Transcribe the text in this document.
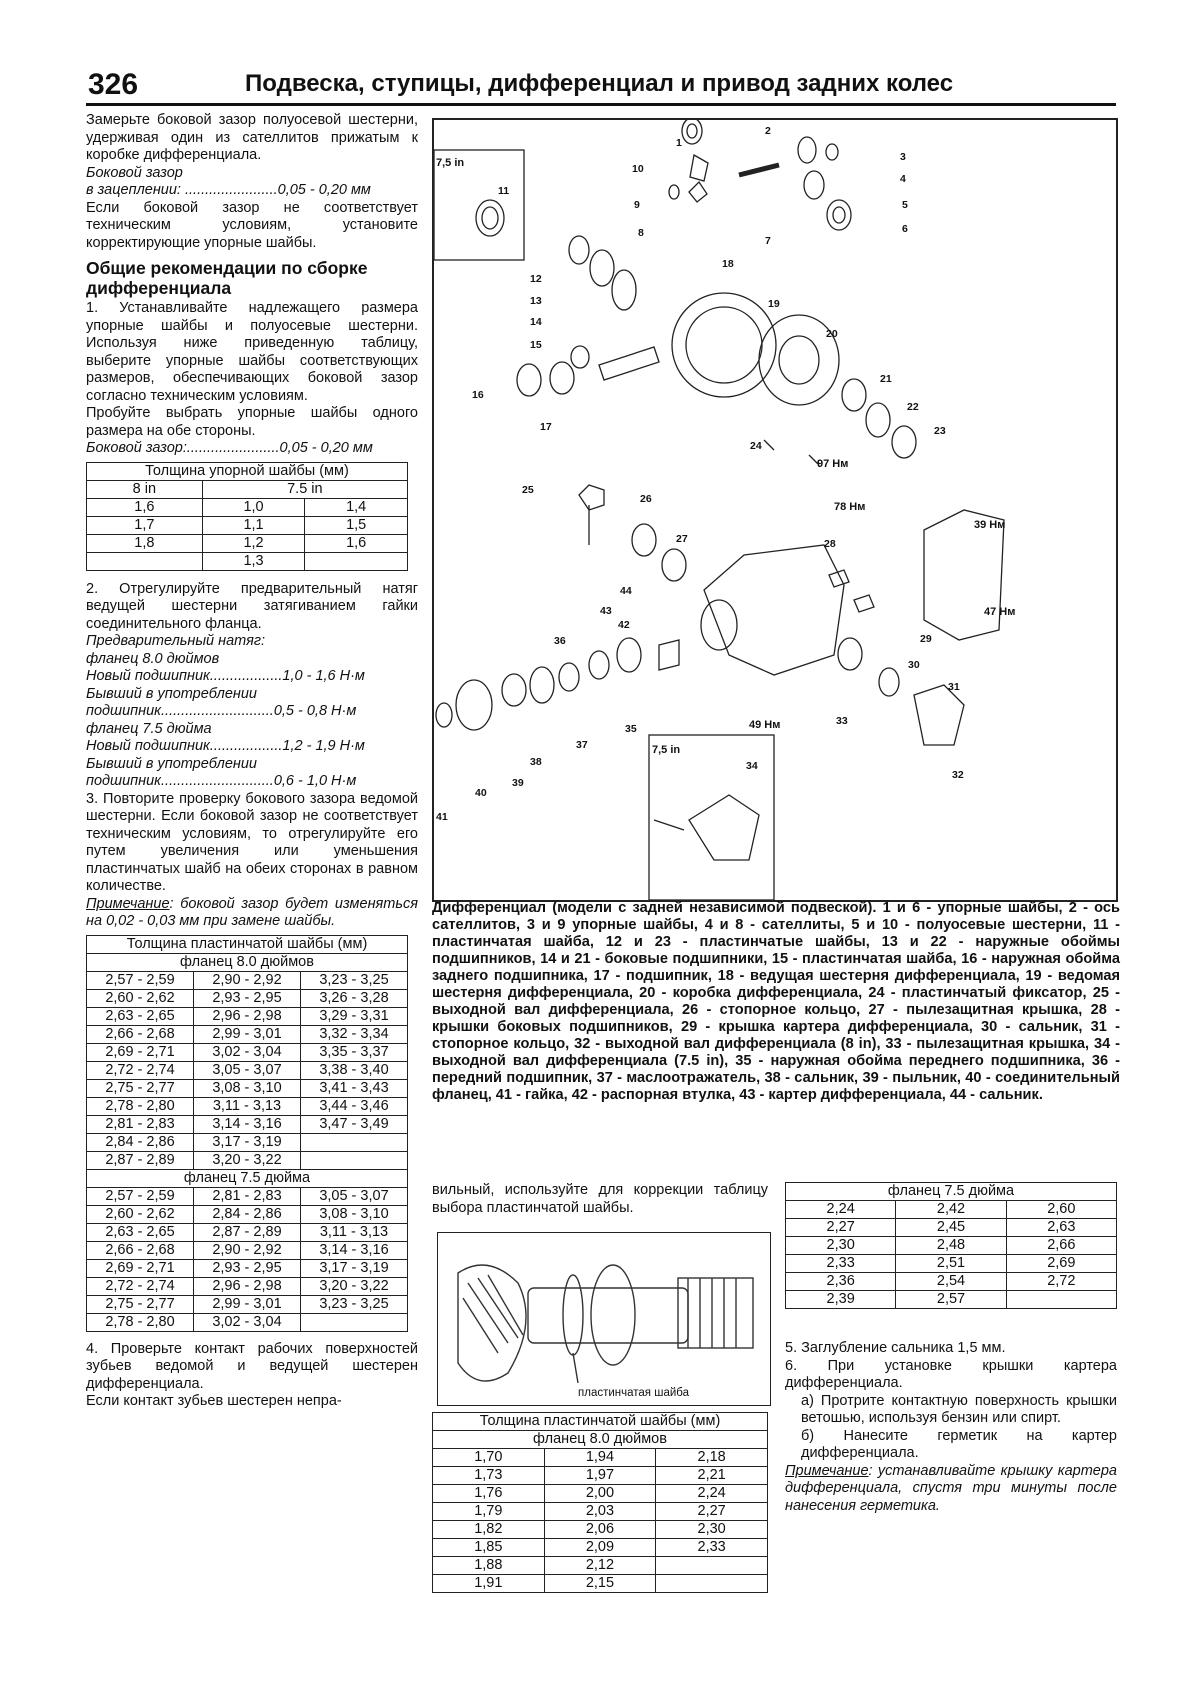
326	Подвеска, ступицы, дифференциал и привод задних колес

Замерьте боковой зазор полуосевой шестерни, удерживая один из сателлитов прижатым к коробке дифференциала.

Боковой зазор

в зацеплении: .......................0,05 - 0,20 мм

Если боковой зазор не соответствует техническим условиям, установите корректирующие упорные шайбы.

Общие рекомендации по сборке дифференциала

1. Устанавливайте надлежащего размера упорные шайбы и полуосевые шестерни. Используя ниже приведенную таблицу, выберите упорные шайбы соответствующих размеров, обеспечивающих боковой зазор согласно техническим условиям.

Пробуйте выбрать упорные шайбы одного размера на обе стороны.

Боковой зазор:.......................0,05 - 0,20 мм

Толщина упорной шайбы (мм)		
8 in	7.5 in	
1,6	1,0	1,4
1,7	1,1	1,5
1,8	1,2	1,6
	1,3	

2. Отрегулируйте предварительный натяг ведущей шестерни затягиванием гайки соединительного фланца.

Предварительный натяг:

фланец 8.0 дюймов

Новый подшипник..................1,0 - 1,6 Н·м

Бывший в употреблении

подшипник............................0,5 - 0,8 Н·м

фланец 7.5 дюйма

Новый подшипник..................1,2 - 1,9 Н·м

Бывший в употреблении

подшипник............................0,6 - 1,0 Н·м

3. Повторите проверку бокового зазора ведомой шестерни. Если боковой зазор не соответствует техническим условиям, то отрегулируйте его путем увеличения или уменьшения пластинчатых шайб на обеих сторонах в равном количестве.

Примечание: боковой зазор будет изменяться на 0,02 - 0,03 мм при замене шайбы.

Толщина пластинчатой шайбы (мм)		
фланец 8.0 дюймов		
2,57 - 2,59	2,90 - 2,92	3,23 - 3,25
2,60 - 2,62	2,93 - 2,95	3,26 - 3,28
2,63 - 2,65	2,96 - 2,98	3,29 - 3,31
2,66 - 2,68	2,99 - 3,01	3,32 - 3,34
2,69 - 2,71	3,02 - 3,04	3,35 - 3,37
2,72 - 2,74	3,05 - 3,07	3,38 - 3,40
2,75 - 2,77	3,08 - 3,10	3,41 - 3,43
2,78 - 2,80	3,11 - 3,13	3,44 - 3,46
2,81 - 2,83	3,14 - 3,16	3,47 - 3,49
2,84 - 2,86	3,17 - 3,19	
2,87 - 2,89	3,20 - 3,22	
фланец 7.5 дюйма		
2,57 - 2,59	2,81 - 2,83	3,05 - 3,07
2,60 - 2,62	2,84 - 2,86	3,08 - 3,10
2,63 - 2,65	2,87 - 2,89	3,11 - 3,13
2,66 - 2,68	2,90 - 2,92	3,14 - 3,16
2,69 - 2,71	2,93 - 2,95	3,17 - 3,19
2,72 - 2,74	2,96 - 2,98	3,20 - 3,22
2,75 - 2,77	2,99 - 3,01	3,23 - 3,25
2,78 - 2,80	3,02 - 3,04	

4. Проверьте контакт рабочих поверхностей зубьев ведомой и ведущей шестерен дифференциала.

Если контакт зубьев шестерен непра-

7,5 in
7,5 in
97 Нм
78 Нм
39 Нм
47 Нм
49 Нм
1
2
3
4
5
6
7
8
9
10
11
12
13
14
15
16
17
18
19
20
21
22
23
24
25
26
27	28
29
30
31
32
33
34
35
36
37
38
39
40
41
42
43
44
Дифференциал (модели с задней независимой подвеской). 1 и 6 - упорные шайбы, 2 - ось сателлитов, 3 и 9 упорные шайбы, 4 и 8 - сателлиты, 5 и 10 - полуосевые шестерни, 11 - пластинчатая шайба, 12 и 23 - пластинчатые шайбы, 13 и 22 - наружные обоймы подшипников, 14 и 21 - боковые подшипники, 15 - пластинчатая шайба, 16 - наружная обойма заднего подшипника, 17 - подшипник, 18 - ведущая шестерня дифференциала, 19 - ведомая шестерня дифференциала, 20 - коробка дифференциала, 24 - пластинчатый фиксатор, 25 - выходной вал дифференциала, 26 - стопорное кольцо, 27 - пылезащитная крышка, 28 - крышки боковых подшипников, 29 - крышка картера дифференциала, 30 - сальник, 31 - стопорное кольцо, 32 - выходной вал дифференциала (8 in), 33 - пылезащитная крышка, 34 - выходной вал дифференциала (7.5 in), 35 - наружная обойма переднего подшипника, 36 - передний подшипник, 37 - маслоотражатель, 38 - сальник, 39 - пыльник, 40 - соединительный фланец, 41 - гайка, 42 - распорная втулка, 43 - картер дифференциала, 44 - сальник.

вильный, используйте для коррекции таблицу выбора пластинчатой шайбы.

пластинчатая шайба
Толщина пластинчатой шайбы (мм)		
фланец 8.0 дюймов		
1,70	1,94	2,18
1,73	1,97	2,21
1,76	2,00	2,24
1,79	2,03	2,27
1,82	2,06	2,30
1,85	2,09	2,33
1,88	2,12	
1,91	2,15	
фланец 7.5 дюйма		
2,24	2,42	2,60
2,27	2,45	2,63
2,30	2,48	2,66
2,33	2,51	2,69
2,36	2,54	2,72
2,39	2,57	

5. Заглубление сальника 1,5 мм.

6. При установке крышки картера дифференциала.

а) Протрите контактную поверхность крышки ветошью, используя бензин или спирт.

б) Нанесите герметик на картер дифференциала.

Примечание: устанавливайте крышку картера дифференциала, спустя три минуты после нанесения герметика.
